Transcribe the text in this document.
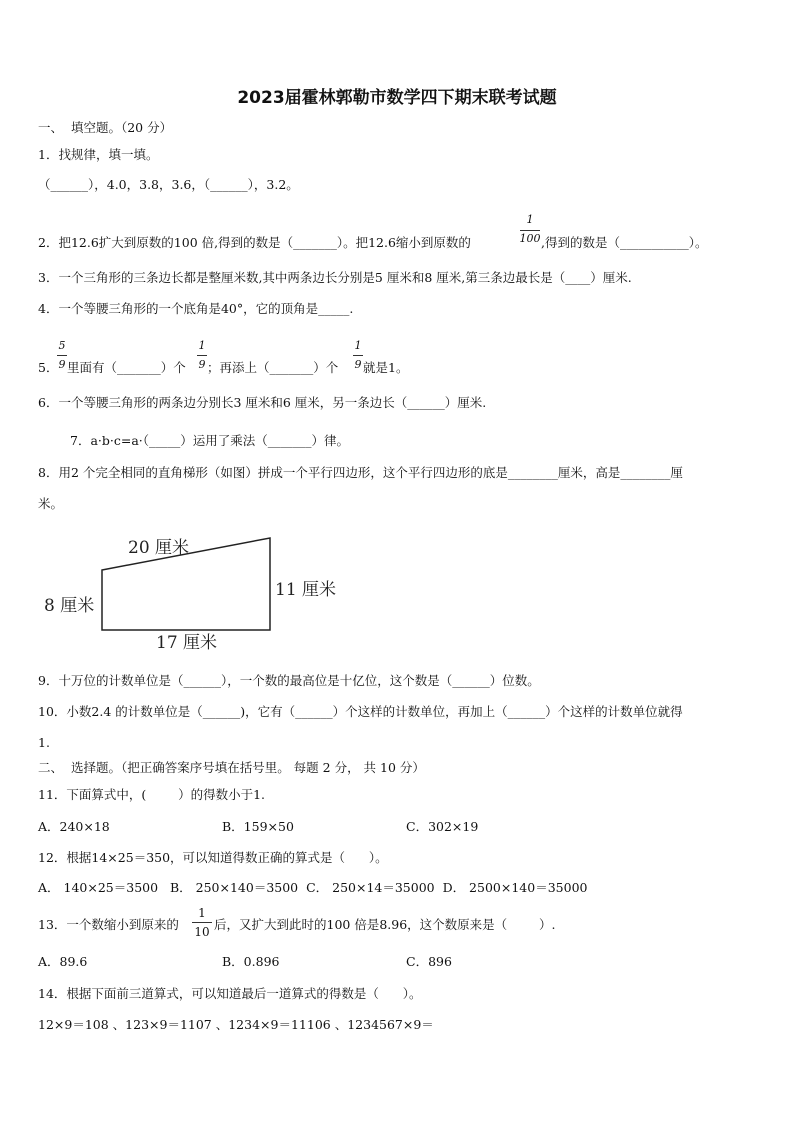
2023届霍林郭勒市数学四下期末联考试题
一、  填空题。（20 分）
1．找规律，填一填。
（______），4.0，3.8，3.6，（______），3.2。
2．把12.6扩大到原数的100 倍,得到的数是（_______）。把12.6缩小到原数的
1
100 ,得到的数是（___________）。
3．一个三角形的三条边长都是整厘米数,其中两条边长分别是5 厘米和8 厘米,第三条边最长是（____）厘米.
4．一个等腰三角形的一个底角是40°，它的顶角是_____.
5．
5
9 里面有（_______）个
1
9 ；再添上（_______）个
1
9 就是1。
6．一个等腰三角形的两条边分别长3 厘米和6 厘米，另一条边长（______）厘米.
7．a·b·c=a·（_____）运用了乘法（_______）律。
8．用2 个完全相同的直角梯形（如图）拼成一个平行四边形，这个平行四边形的底是________厘米，高是________厘
米。
20 厘米
11 厘米
8 厘米
17 厘米
9．十万位的计数单位是（______），一个数的最高位是十亿位，这个数是（______）位数。
10．小数2.4 的计数单位是（______)，它有（______）个这样的计数单位，再加上（______）个这样的计数单位就得
1.
二、  选择题。（把正确答案序号填在括号里。 每题 2 分， 共 10 分）
11．下面算式中，(        ）的得数小于1.
A．240×18	B．159×50	C．302×19
12．根据14×25＝350，可以知道得数正确的算式是（      ）。
A． 140×25＝3500   B． 250×140＝3500  C． 250×14＝35000  D． 2500×140＝35000
13．一个数缩小到原来的
1
10 后，又扩大到此时的100 倍是8.96，这个数原来是（        ）.
A．89.6	B．0.896	C．896
14．根据下面前三道算式，可以知道最后一道算式的得数是（      ）。
12×9＝108 、123×9＝1107 、1234×9＝11106 、1234567×9＝
